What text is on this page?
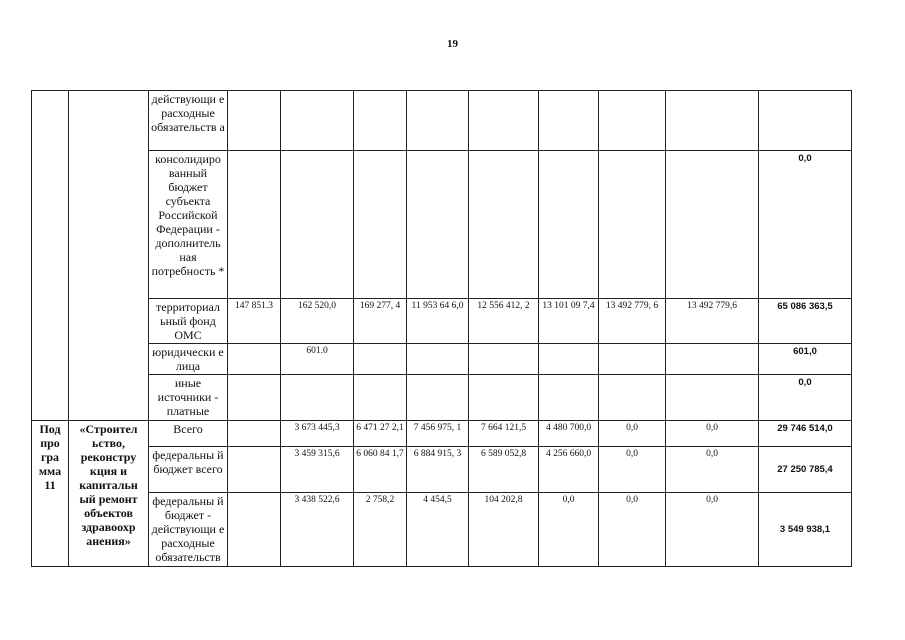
19
		действующи е расходные обязательств а									
		консолидиро ванный бюджет субъекта Российской Федерации - дополнитель ная потребность *									0,0
		территориал ьный фонд ОМС	147 851.3	162 520,0	169 277, 4	11 953 64 6,0	12 556 412, 2	13 101 09 7,4	13 492 779, 6	13 492 779,6	65 086 363,5
		юридически е лица		601.0							601,0
		иные источники - платные									0,0
Под про гра мма 11	«Строител ьство, реконстру кция и капитальн ый ремонт объектов здравоохр анения»	Всего		3 673 445,3	6 471 27 2,1	7 456 975, 1	7 664 121,5	4 480 700,0	0,0	0,0	29 746 514,0
		федеральны й бюджет всего		3 459 315,6	6 060 84 1,7	6 884 915, 3	6 589 052,8	4 256 660,0	0,0	0,0	27 250 785,4
		федеральны й бюджет - действующи е расходные обязательств		3 438 522,6	2 758,2	4 454,5	104 202,8	0,0	0,0	0,0	3 549 938,1
